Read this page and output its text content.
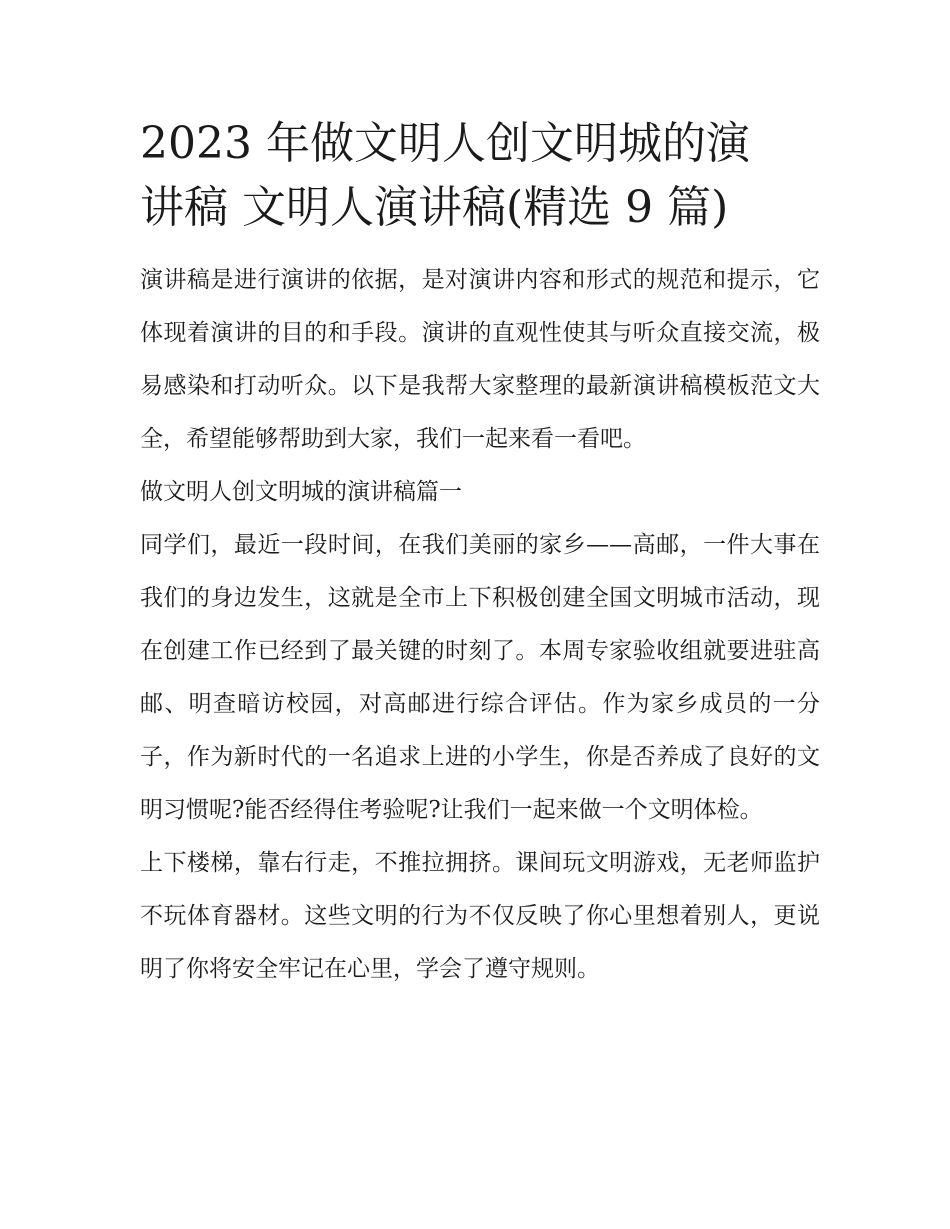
2023 年做文明人创文明城的演
讲稿 文明人演讲稿(精选 9 篇)

演讲稿是进行演讲的依据，是对演讲内容和形式的规范和提示，它体现着演讲的目的和手段。演讲的直观性使其与听众直接交流，极易感染和打动听众。以下是我帮大家整理的最新演讲稿模板范文大全，希望能够帮助到大家，我们一起来看一看吧。

做文明人创文明城的演讲稿篇一

同学们，最近一段时间，在我们美丽的家乡——高邮，一件大事在我们的身边发生，这就是全市上下积极创建全国文明城市活动，现在创建工作已经到了最关键的时刻了。本周专家验收组就要进驻高邮、明查暗访校园，对高邮进行综合评估。作为家乡成员的一分子，作为新时代的一名追求上进的小学生，你是否养成了良好的文明习惯呢?能否经得住考验呢?让我们一起来做一个文明体检。

上下楼梯，靠右行走，不推拉拥挤。课间玩文明游戏，无老师监护不玩体育器材。这些文明的行为不仅反映了你心里想着别人，更说明了你将安全牢记在心里，学会了遵守规则。
